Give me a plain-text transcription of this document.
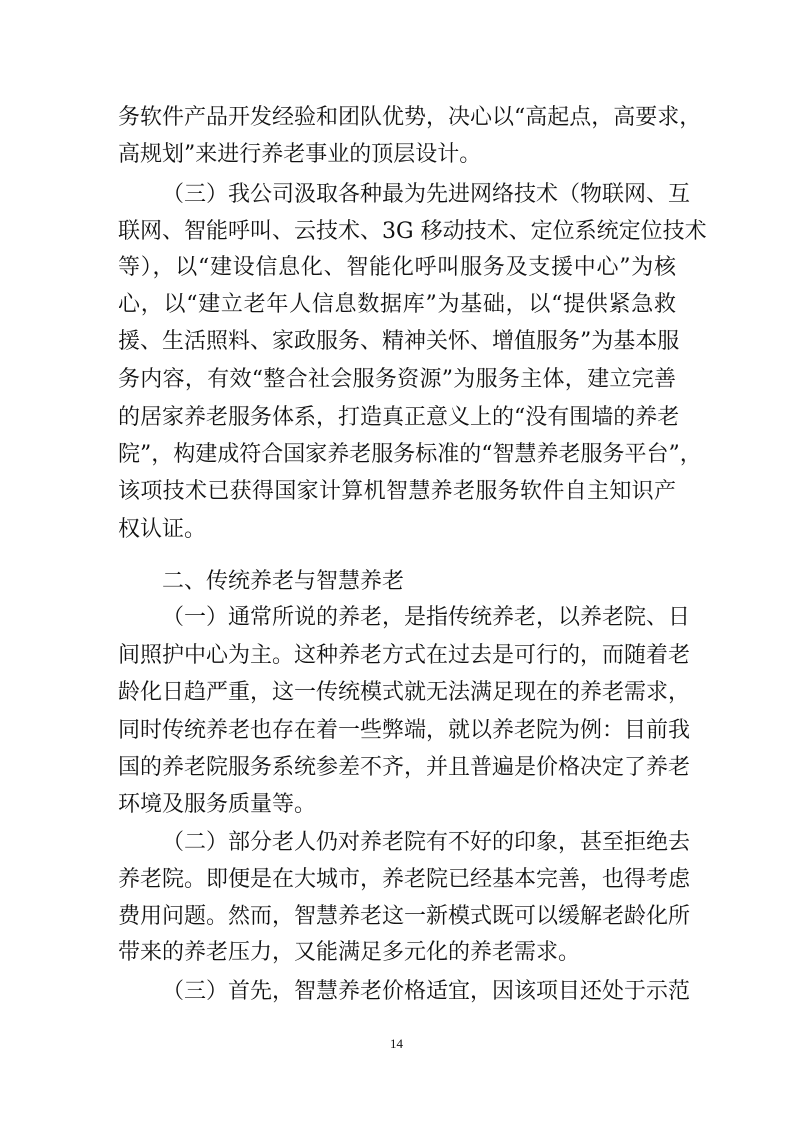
务软件产品开发经验和团队优势，决心以“高起点，高要求，
高规划”来进行养老事业的顶层设计。
（三）我公司汲取各种最为先进网络技术（物联网、互
联网、智能呼叫、云技术、3G 移动技术、定位系统定位技术
等），以“建设信息化、智能化呼叫服务及支援中心”为核
心，以“建立老年人信息数据库”为基础，以“提供紧急救
援、生活照料、家政服务、精神关怀、增值服务”为基本服
务内容，有效“整合社会服务资源”为服务主体，建立完善
的居家养老服务体系，打造真正意义上的“没有围墙的养老
院”，构建成符合国家养老服务标准的“智慧养老服务平台”，
该项技术已获得国家计算机智慧养老服务软件自主知识产
权认证。
二、传统养老与智慧养老
（一）通常所说的养老，是指传统养老，以养老院、日
间照护中心为主。这种养老方式在过去是可行的，而随着老
龄化日趋严重，这一传统模式就无法满足现在的养老需求，
同时传统养老也存在着一些弊端，就以养老院为例：目前我
国的养老院服务系统参差不齐，并且普遍是价格决定了养老
环境及服务质量等。
（二）部分老人仍对养老院有不好的印象，甚至拒绝去
养老院。即便是在大城市，养老院已经基本完善，也得考虑
费用问题。然而，智慧养老这一新模式既可以缓解老龄化所
带来的养老压力，又能满足多元化的养老需求。
（三）首先，智慧养老价格适宜，因该项目还处于示范
14
